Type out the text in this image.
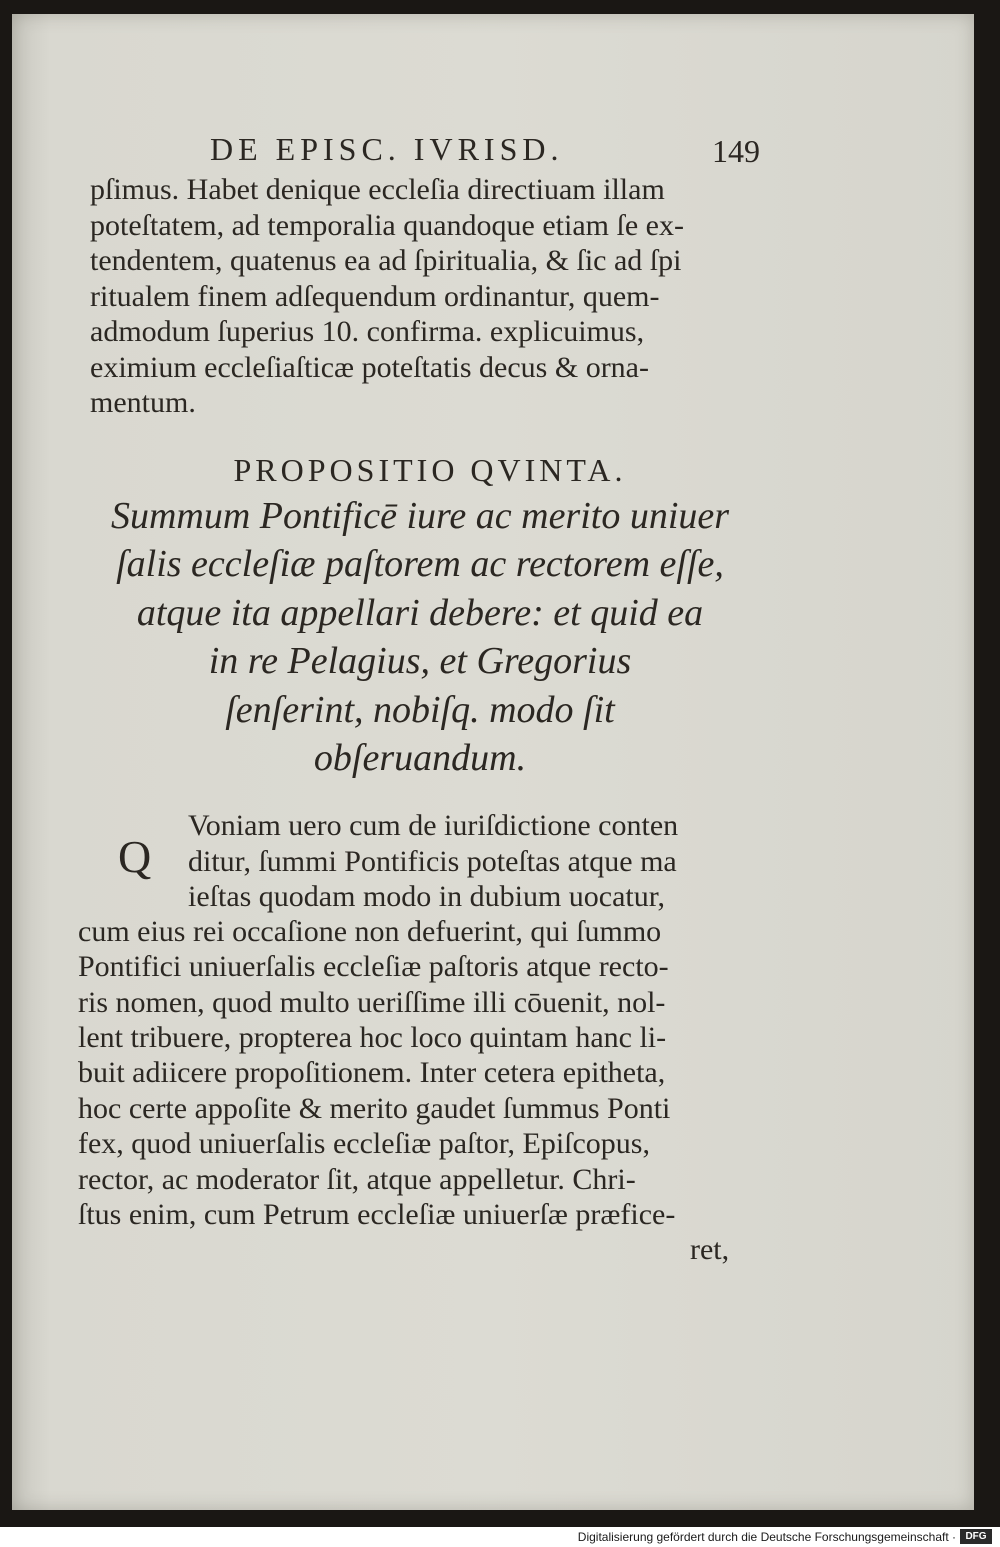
DE EPISC. IVRISD.	149
pſimus. Habet denique eccleſia directiuam illam
poteſtatem, ad temporalia quandoque etiam ſe ex-
tendentem, quatenus ea ad ſpiritualia, & ſic ad ſpi
ritualem finem adſequendum ordinantur, quem-
admodum ſuperius 10. confirma. explicuimus,
eximium eccleſiaſticæ poteſtatis decus & orna-
mentum.
PROPOSITIO QVINTA.
Summum Pontificē iure ac merito uniuer
ſalis eccleſiæ paſtorem ac rectorem eſſe,
atque ita appellari debere: et quid ea
in re Pelagius, et Gregorius
ſenſerint, nobiſq. modo ſit
obſeruandum.
Q
Voniam uero cum de iuriſdictione conten
ditur, ſummi Pontificis poteſtas atque ma
ieſtas quodam modo in dubium uocatur,
cum eius rei occaſione non defuerint, qui ſummo
Pontifici uniuerſalis eccleſiæ paſtoris atque recto-
ris nomen, quod multo ueriſſime illi cōuenit, nol-
lent tribuere, propterea hoc loco quintam hanc li-
buit adiicere propoſitionem. Inter cetera epitheta,
hoc certe appoſite & merito gaudet ſummus Ponti
fex, quod uniuerſalis eccleſiæ paſtor, Epiſcopus,
rector, ac moderator ſit, atque appelletur. Chri-
ſtus enim, cum Petrum eccleſiæ uniuerſæ præfice-
ret,
Digitalisierung gefördert durch die Deutsche Forschungsgemeinschaft · DFG
